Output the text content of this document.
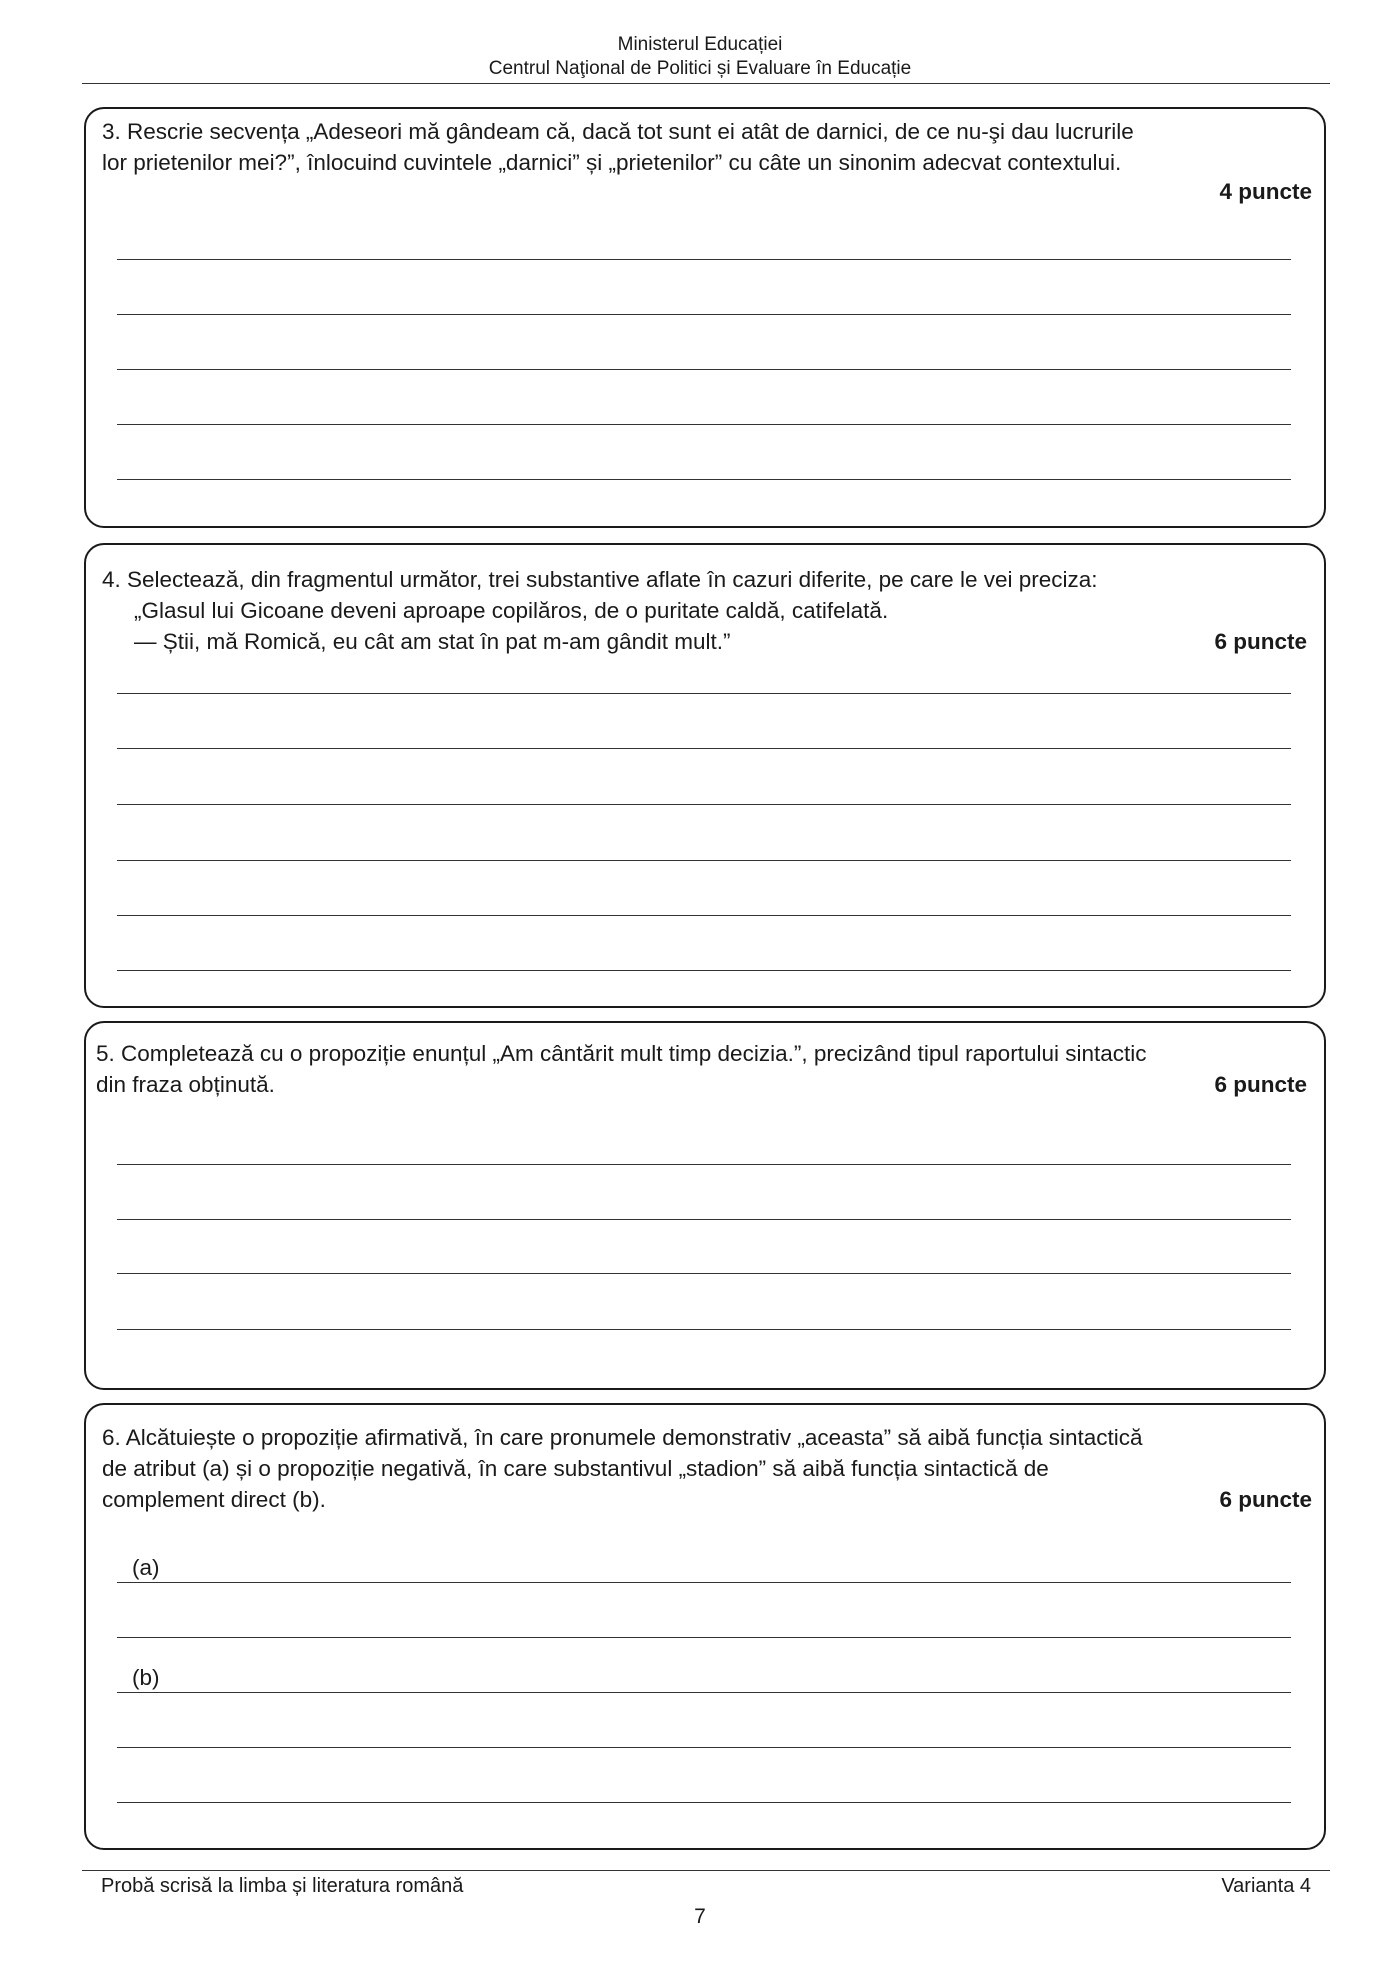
Ministerul Educației
Centrul Naţional de Politici și Evaluare în Educație
3. Rescrie secvența „Adeseori mă gândeam că, dacă tot sunt ei atât de darnici, de ce nu-şi dau lucrurile
lor prietenilor mei?”, înlocuind cuvintele „darnici” și „prietenilor” cu câte un sinonim adecvat contextului.
4 puncte
4. Selectează, din fragmentul următor, trei substantive aflate în cazuri diferite, pe care le vei preciza:
„Glasul lui Gicoane deveni aproape copilăros, de o puritate caldă, catifelată.
— Știi, mă Romică, eu cât am stat în pat m-am gândit mult.”	6 puncte
5. Completează cu o propoziție enunțul „Am cântărit mult timp decizia.”, precizând tipul raportului sintactic
din fraza obținută.	6 puncte
6. Alcătuiește o propoziție afirmativă, în care pronumele demonstrativ „aceasta” să aibă funcția sintactică
de atribut (a) și o propoziție negativă, în care substantivul „stadion” să aibă funcția sintactică de
complement direct (b).	6 puncte
(a)
(b)
Probă scrisă la limba și literatura română	Varianta 4
7
